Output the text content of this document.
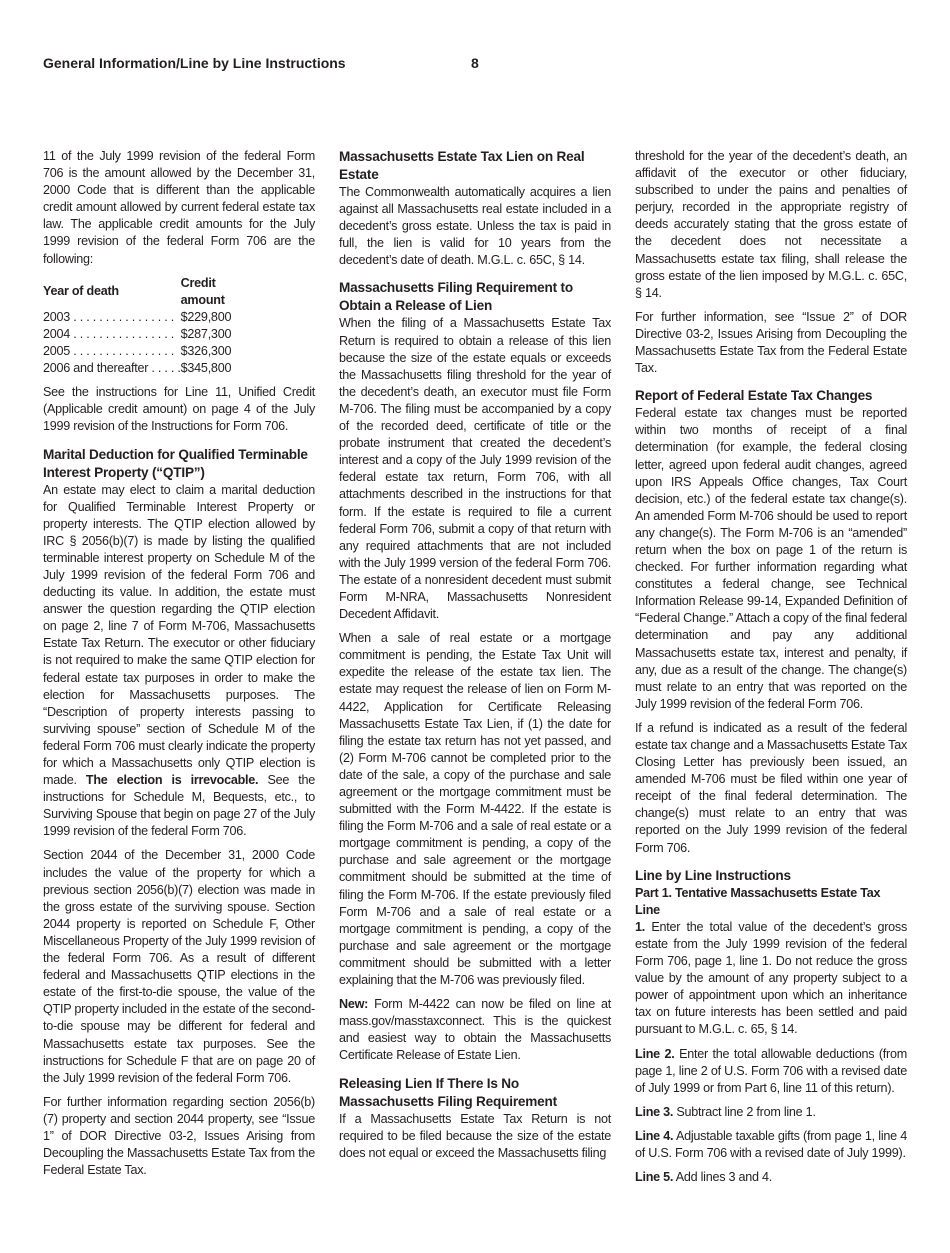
General Information/Line by Line Instructions	8

11 of the July 1999 revision of the federal Form 706 is the amount allowed by the December 31, 2000 Code that is different than the applicable credit amount allowed by current federal estate tax law. The applicable credit amounts for the July 1999 revision of the federal Form 706 are the following:

Year of death	Credit amount
2003 . . . . . . . . . . . . . . . .	$229,800
2004 . . . . . . . . . . . . . . . .	$287,300
2005 . . . . . . . . . . . . . . . .	$326,300
2006 and thereafter . . . . .	$345,800

See the instructions for Line 11, Unified Credit (Applicable credit amount) on page 4 of the July 1999 revision of the Instructions for Form 706.

Marital Deduction for Qualified Terminable Interest Property (“QTIP”)

An estate may elect to claim a marital deduction for Qualified Terminable Interest Property or property interests. The QTIP election allowed by IRC § 2056(b)(7) is made by listing the qualified terminable interest property on Schedule M of the July 1999 revision of the federal Form 706 and deducting its value. In addition, the estate must answer the question regarding the QTIP election on page 2, line 7 of Form M-706, Massachusetts Estate Tax Return. The executor or other fiduciary is not required to make the same QTIP election for federal estate tax purposes in order to make the election for Massachusetts purposes. The “Description of property interests passing to surviving spouse” section of Schedule M of the federal Form 706 must clearly indicate the property for which a Massachusetts only QTIP election is made. The election is irrevocable. See the instructions for Schedule M, Bequests, etc., to Surviving Spouse that begin on page 27 of the July 1999 revision of the federal Form 706.

Section 2044 of the December 31, 2000 Code includes the value of the property for which a previous section 2056(b)(7) election was made in the gross estate of the surviving spouse. Section 2044 property is reported on Schedule F, Other Miscellaneous Property of the July 1999 revision of the federal Form 706. As a result of different federal and Massachusetts QTIP elections in the estate of the first-to-die spouse, the value of the QTIP property included in the estate of the second-to-die spouse may be different for federal and Massachusetts estate tax purposes. See the instructions for Schedule F that are on page 20 of the July 1999 revision of the federal Form 706.

For further information regarding section 2056(b)(7) property and section 2044 property, see “Issue 1” of DOR Directive 03-2, Issues Arising from Decoupling the Massachusetts Estate Tax from the Federal Estate Tax.

Massachusetts Estate Tax Lien on Real Estate

The Commonwealth automatically acquires a lien against all Massachusetts real estate included in a decedent’s gross estate. Unless the tax is paid in full, the lien is valid for 10 years from the decedent’s date of death. M.G.L. c. 65C, § 14.

Massachusetts Filing Requirement to Obtain a Release of Lien

When the filing of a Massachusetts Estate Tax Return is required to obtain a release of this lien because the size of the estate equals or exceeds the Massachusetts filing threshold for the year of the decedent’s death, an executor must file Form M-706. The filing must be accompanied by a copy of the recorded deed, certificate of title or the probate instrument that created the decedent’s interest and a copy of the July 1999 revision of the federal estate tax return, Form 706, with all attachments described in the instructions for that form. If the estate is required to file a current federal Form 706, submit a copy of that return with any required attachments that are not included with the July 1999 version of the federal Form 706. The estate of a nonresident decedent must submit Form M-NRA, Massachusetts Nonresident Decedent Affidavit.

When a sale of real estate or a mortgage commitment is pending, the Estate Tax Unit will expedite the release of the estate tax lien. The estate may request the release of lien on Form M-4422, Application for Certificate Releasing Massachusetts Estate Tax Lien, if (1) the date for filing the estate tax return has not yet passed, and (2) Form M-706 cannot be completed prior to the date of the sale, a copy of the purchase and sale agreement or the mortgage commitment must be submitted with the Form M-4422. If the estate is filing the Form M-706 and a sale of real estate or a mortgage commitment is pending, a copy of the purchase and sale agreement or the mortgage commitment should be submitted at the time of filing the Form M-706. If the estate previously filed Form M-706 and a sale of real estate or a mortgage commitment is pending, a copy of the purchase and sale agreement or the mortgage commitment should be submitted with a letter explaining that the M-706 was previously filed.

New: Form M-4422 can now be filed on line at mass.gov/masstaxconnect. This is the quickest and easiest way to obtain the Massachusetts Certificate Release of Estate Lien.

Releasing Lien If There Is No Massachusetts Filing Requirement

If a Massachusetts Estate Tax Return is not required to be filed because the size of the estate does not equal or exceed the Massachusetts filing

threshold for the year of the decedent’s death, an affidavit of the executor or other fiduciary, subscribed to under the pains and penalties of perjury, recorded in the appropriate registry of deeds accurately stating that the gross estate of the decedent does not necessitate a Massachusetts estate tax filing, shall release the gross estate of the lien imposed by M.G.L. c. 65C, § 14.

For further information, see “Issue 2” of DOR Directive 03-2, Issues Arising from Decoupling the Massachusetts Estate Tax from the Federal Estate Tax.

Report of Federal Estate Tax Changes

Federal estate tax changes must be reported within two months of receipt of a final determination (for example, the federal closing letter, agreed upon federal audit changes, agreed upon IRS Appeals Office changes, Tax Court decision, etc.) of the federal estate tax change(s). An amended Form M-706 should be used to report any change(s). The Form M-706 is an “amended” return when the box on page 1 of the return is checked. For further information regarding what constitutes a federal change, see Technical Information Release 99-14, Expanded Definition of “Federal Change.” Attach a copy of the final federal determination and pay any additional Massachusetts estate tax, interest and penalty, if any, due as a result of the change. The change(s) must relate to an entry that was reported on the July 1999 revision of the federal Form 706.

If a refund is indicated as a result of the federal estate tax change and a Massachusetts Estate Tax Closing Letter has previously been issued, an amended M-706 must be filed within one year of receipt of the final federal determination. The change(s) must relate to an entry that was reported on the July 1999 revision of the federal Form 706.

Line by Line Instructions

Part 1. Tentative Massachusetts Estate Tax Line
1. Enter the total value of the decedent’s gross estate from the July 1999 revision of the federal Form 706, page 1, line 1. Do not reduce the gross value by the amount of any property subject to a power of appointment upon which an inheritance tax on future interests has been settled and paid pursuant to M.G.L. c. 65, § 14.

Line 2. Enter the total allowable deductions (from page 1, line 2 of U.S. Form 706 with a revised date of July 1999 or from Part 6, line 11 of this return).

Line 3. Subtract line 2 from line 1.

Line 4. Adjustable taxable gifts (from page 1, line 4 of U.S. Form 706 with a revised date of July 1999).

Line 5. Add lines 3 and 4.
